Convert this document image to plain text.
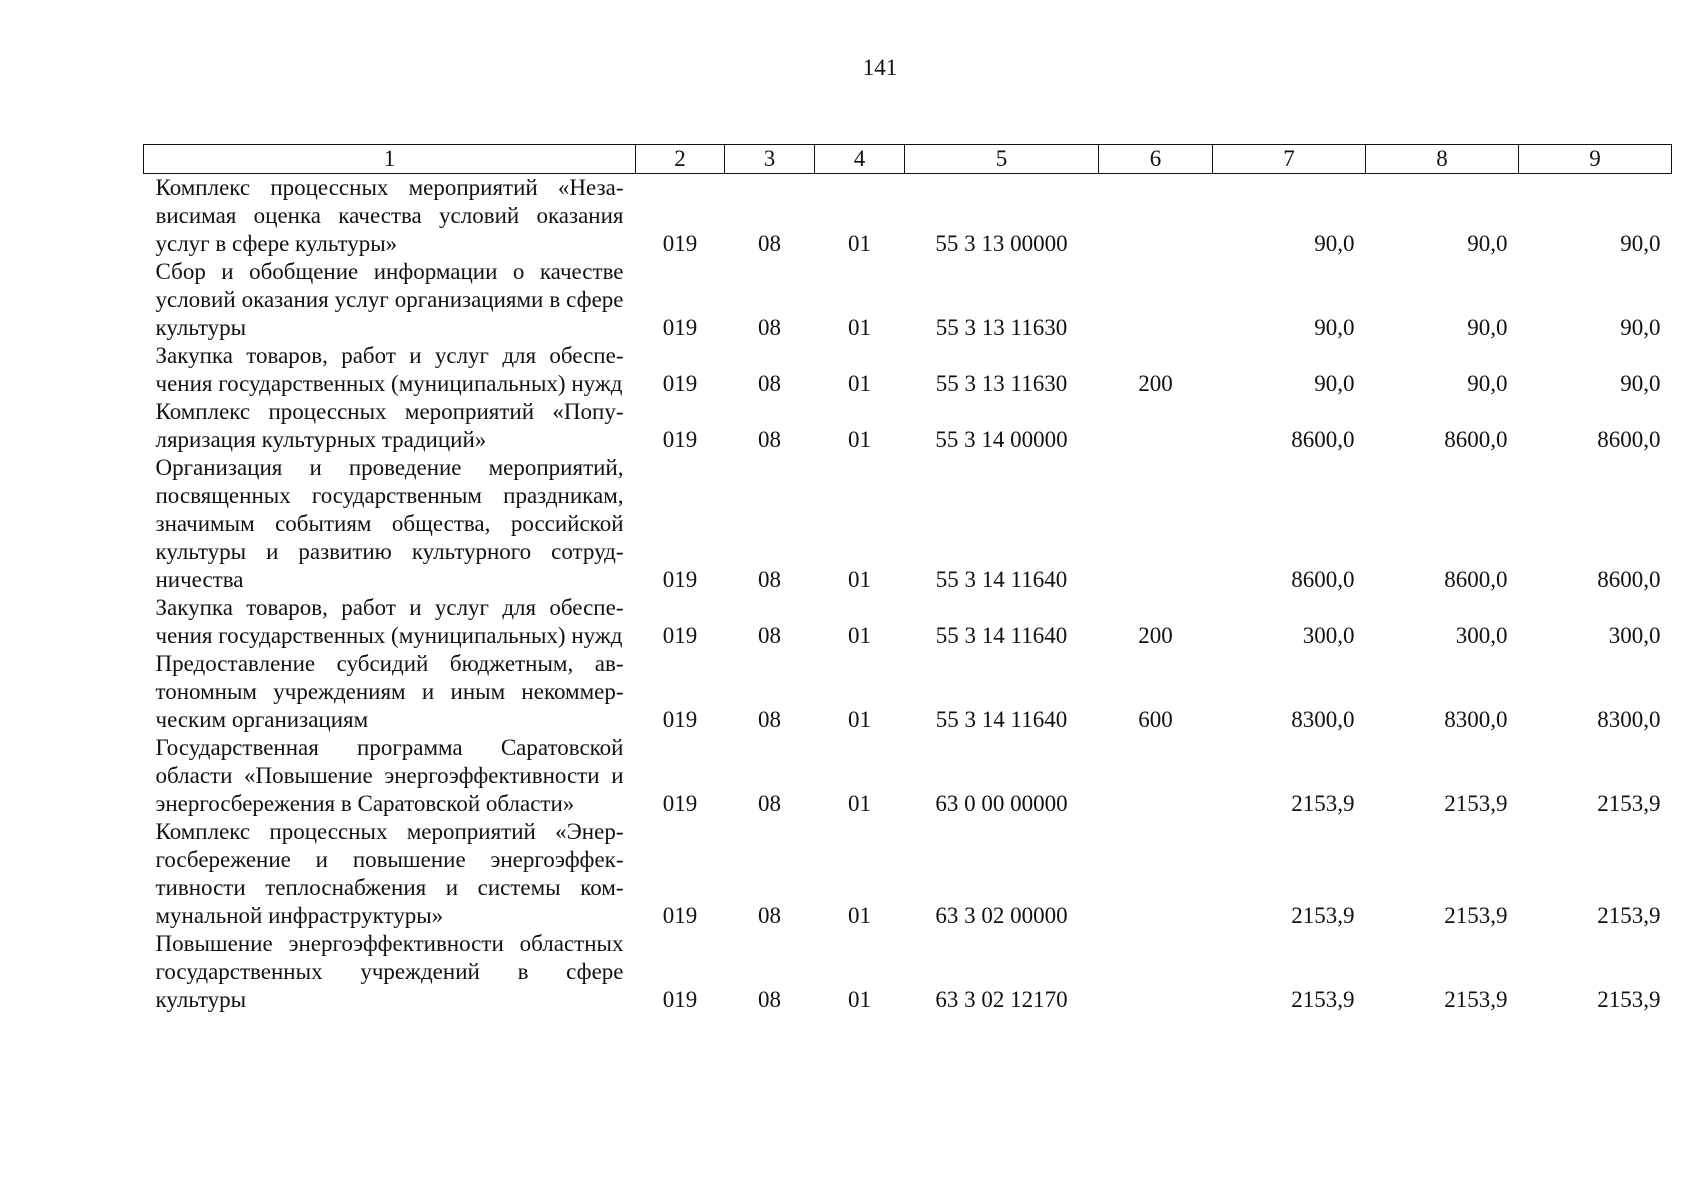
141
1	2	3	4	5	6	7	8	9
Комплекс процессных мероприятий «Независимая оценка качества условий оказания услуг в сфере культуры»	019	08	01	55 3 13 00000		90,0	90,0	90,0
Сбор и обобщение информации о качестве условий оказания услуг организациями в сфере культуры	019	08	01	55 3 13 11630		90,0	90,0	90,0
Закупка товаров, работ и услуг для обеспечения государственных (муниципальных) нужд	019	08	01	55 3 13 11630	200	90,0	90,0	90,0
Комплекс процессных мероприятий «Популяризация культурных традиций»	019	08	01	55 3 14 00000		8600,0	8600,0	8600,0
Организация и проведение мероприятий, посвященных государственным праздникам, значимым событиям общества, российской культуры и развитию культурного сотрудничества	019	08	01	55 3 14 11640		8600,0	8600,0	8600,0
Закупка товаров, работ и услуг для обеспечения государственных (муниципальных) нужд	019	08	01	55 3 14 11640	200	300,0	300,0	300,0
Предоставление субсидий бюджетным, автономным учреждениям и иным некоммерческим организациям	019	08	01	55 3 14 11640	600	8300,0	8300,0	8300,0
Государственная программа Саратовской области «Повышение энергоэффективности и энергосбережения в Саратовской области»	019	08	01	63 0 00 00000		2153,9	2153,9	2153,9
Комплекс процессных мероприятий «Энергосбережение и повышение энергоэффективности теплоснабжения и системы коммунальной инфраструктуры»	019	08	01	63 3 02 00000		2153,9	2153,9	2153,9
Повышение энергоэффективности областных государственных учреждений в сфере культуры	019	08	01	63 3 02 12170		2153,9	2153,9	2153,9
